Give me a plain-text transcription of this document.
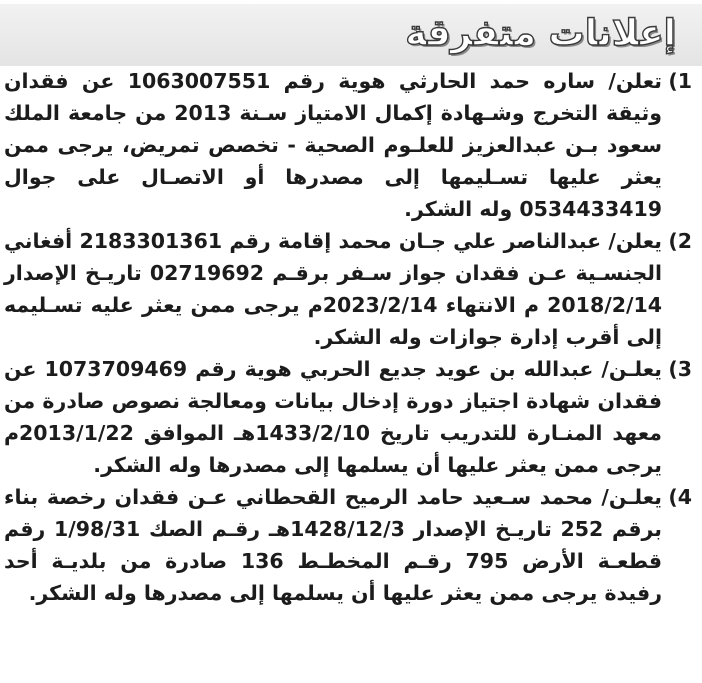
إعلانات متفرقة
1)
تعلن/ ساره حمد الحارثي هوية رقم 1063007551 عن فقدان وثيقة التخرج وشـهادة إكمال الامتياز سـنة 2013 من جامعة الملك سعود بـن عبدالعزيز للعلـوم الصحية - تخصص تمريض، يرجى ممن يعثر عليها تسـليمها إلى مصدرها أو الاتصـال على جوال 0534433419 وله الشكر.
2)
يعلن/ عبدالناصر علي جـان محمد إقامة رقم 2183301361 أفغاني الجنسـية عـن فقدان جواز سـفر برقـم 02719692 تاريـخ الإصدار 2018/2/14 م الانتهاء 2023/2/14م يرجى ممن يعثر عليه تسـليمه إلى أقرب إدارة جوازات وله الشكر.
3)
يعلـن/ عبدالله بن عويد جديع الحربي هوية رقم 1073709469 عن فقدان شهادة اجتياز دورة إدخال بيانات ومعالجة نصوص صادرة من معهد المنـارة للتدريب تاريخ 1433/2/10هـ الموافق 2013/1/22م يرجى ممن يعثر عليها أن يسلمها إلى مصدرها وله الشكر.
4)
يعلـن/ محمد سـعيد حامد الرميح القحطاني عـن فقدان رخصة بناء برقم 252 تاريـخ الإصدار 1428/12/3هـ رقـم الصك 1/98/31 رقم قطعـة الأرض 795 رقـم المخطـط 136 صادرة من بلديـة أحد رفيدة يرجى ممن يعثر عليها أن يسلمها إلى مصدرها وله الشكر.
